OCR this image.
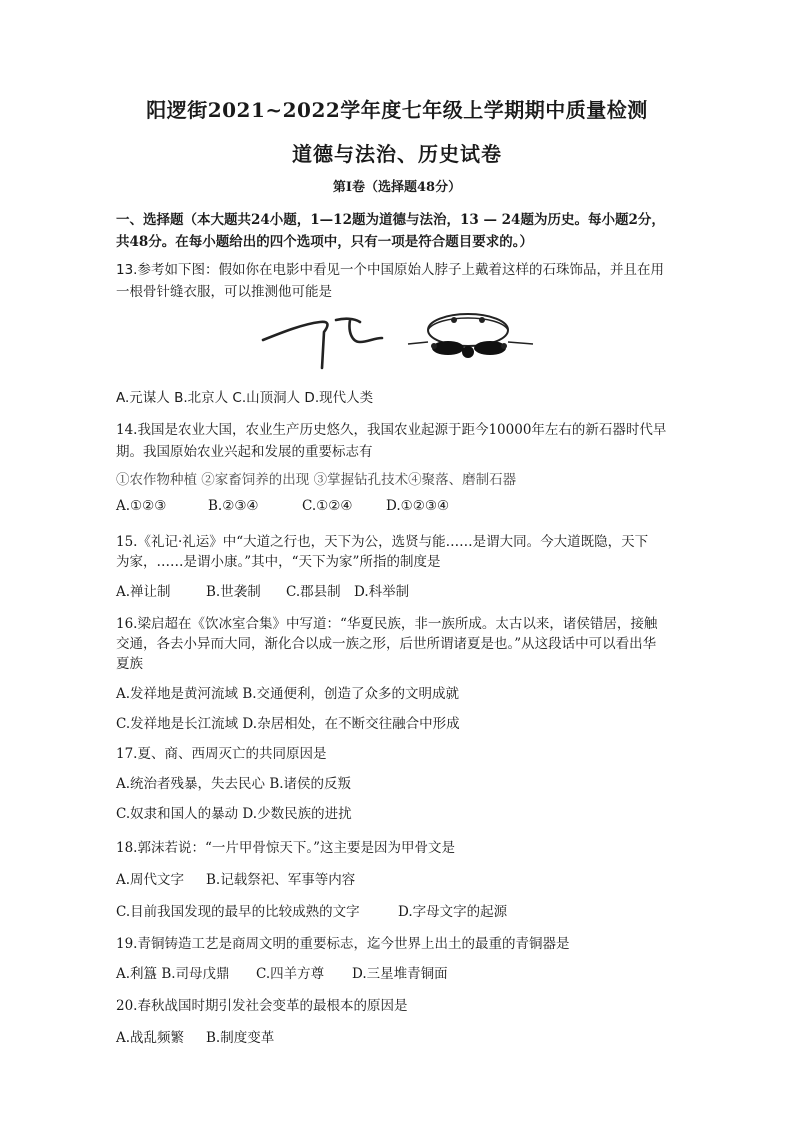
阳逻街2021~2022学年度七年级上学期期中质量检测
道德与法治、历史试卷
第Ⅰ卷（选择题48分）
一、选择题（本大题共24小题，1—12题为道德与法治，13 — 24题为历史。每小题2分，
共48分。在每小题给出的四个选项中，只有一项是符合题目要求的。）
13.参考如下图：假如你在电影中看见一个中国原始人脖子上戴着这样的石珠饰品，并且在用
一根骨针缝衣服，可以推测他可能是
A.元谋人 B.北京人 C.山顶洞人 D.现代人类
14.我国是农业大国，农业生产历史悠久，我国农业起源于距今10000年左右的新石器时代早
期。我国原始农业兴起和发展的重要标志有
①农作物种植 ②家畜饲养的出现 ③掌握钻孔技术④聚落、磨制石器
A.①②③	B.②③④	C.①②④ D.①②③④
15.《礼记·礼运》中“大道之行也，天下为公，选贤与能……是谓大同。今大道既隐，天下
为家，……是谓小康。”其中，“天下为家”所指的制度是
A.禅让制	B.世袭制 C.郡县制 D.科举制
16.梁启超在《饮冰室合集》中写道：“华夏民族，非一族所成。太古以来，诸侯错居，接触
交通，各去小异而大同，渐化合以成一族之形，后世所谓诸夏是也。”从这段话中可以看出华
夏族
A.发祥地是黄河流域 B.交通便利，创造了众多的文明成就
C.发祥地是长江流域 D.杂居相处，在不断交往融合中形成
17.夏、商、西周灭亡的共同原因是
A.统治者残暴，失去民心 B.诸侯的反叛
C.奴隶和国人的暴动 D.少数民族的进扰
18.郭沫若说：“一片甲骨惊天下。”这主要是因为甲骨文是
A.周代文字 B.记载祭祀、军事等内容
C.目前我国发现的最早的比较成熟的文字	D.字母文字的起源
19.青铜铸造工艺是商周文明的重要标志，迄今世界上出土的最重的青铜器是
A.利簋 B.司母戊鼎 C.四羊方尊 D.三星堆青铜面
20.春秋战国时期引发社会变革的最根本的原因是
A.战乱频繁 B.制度变革
